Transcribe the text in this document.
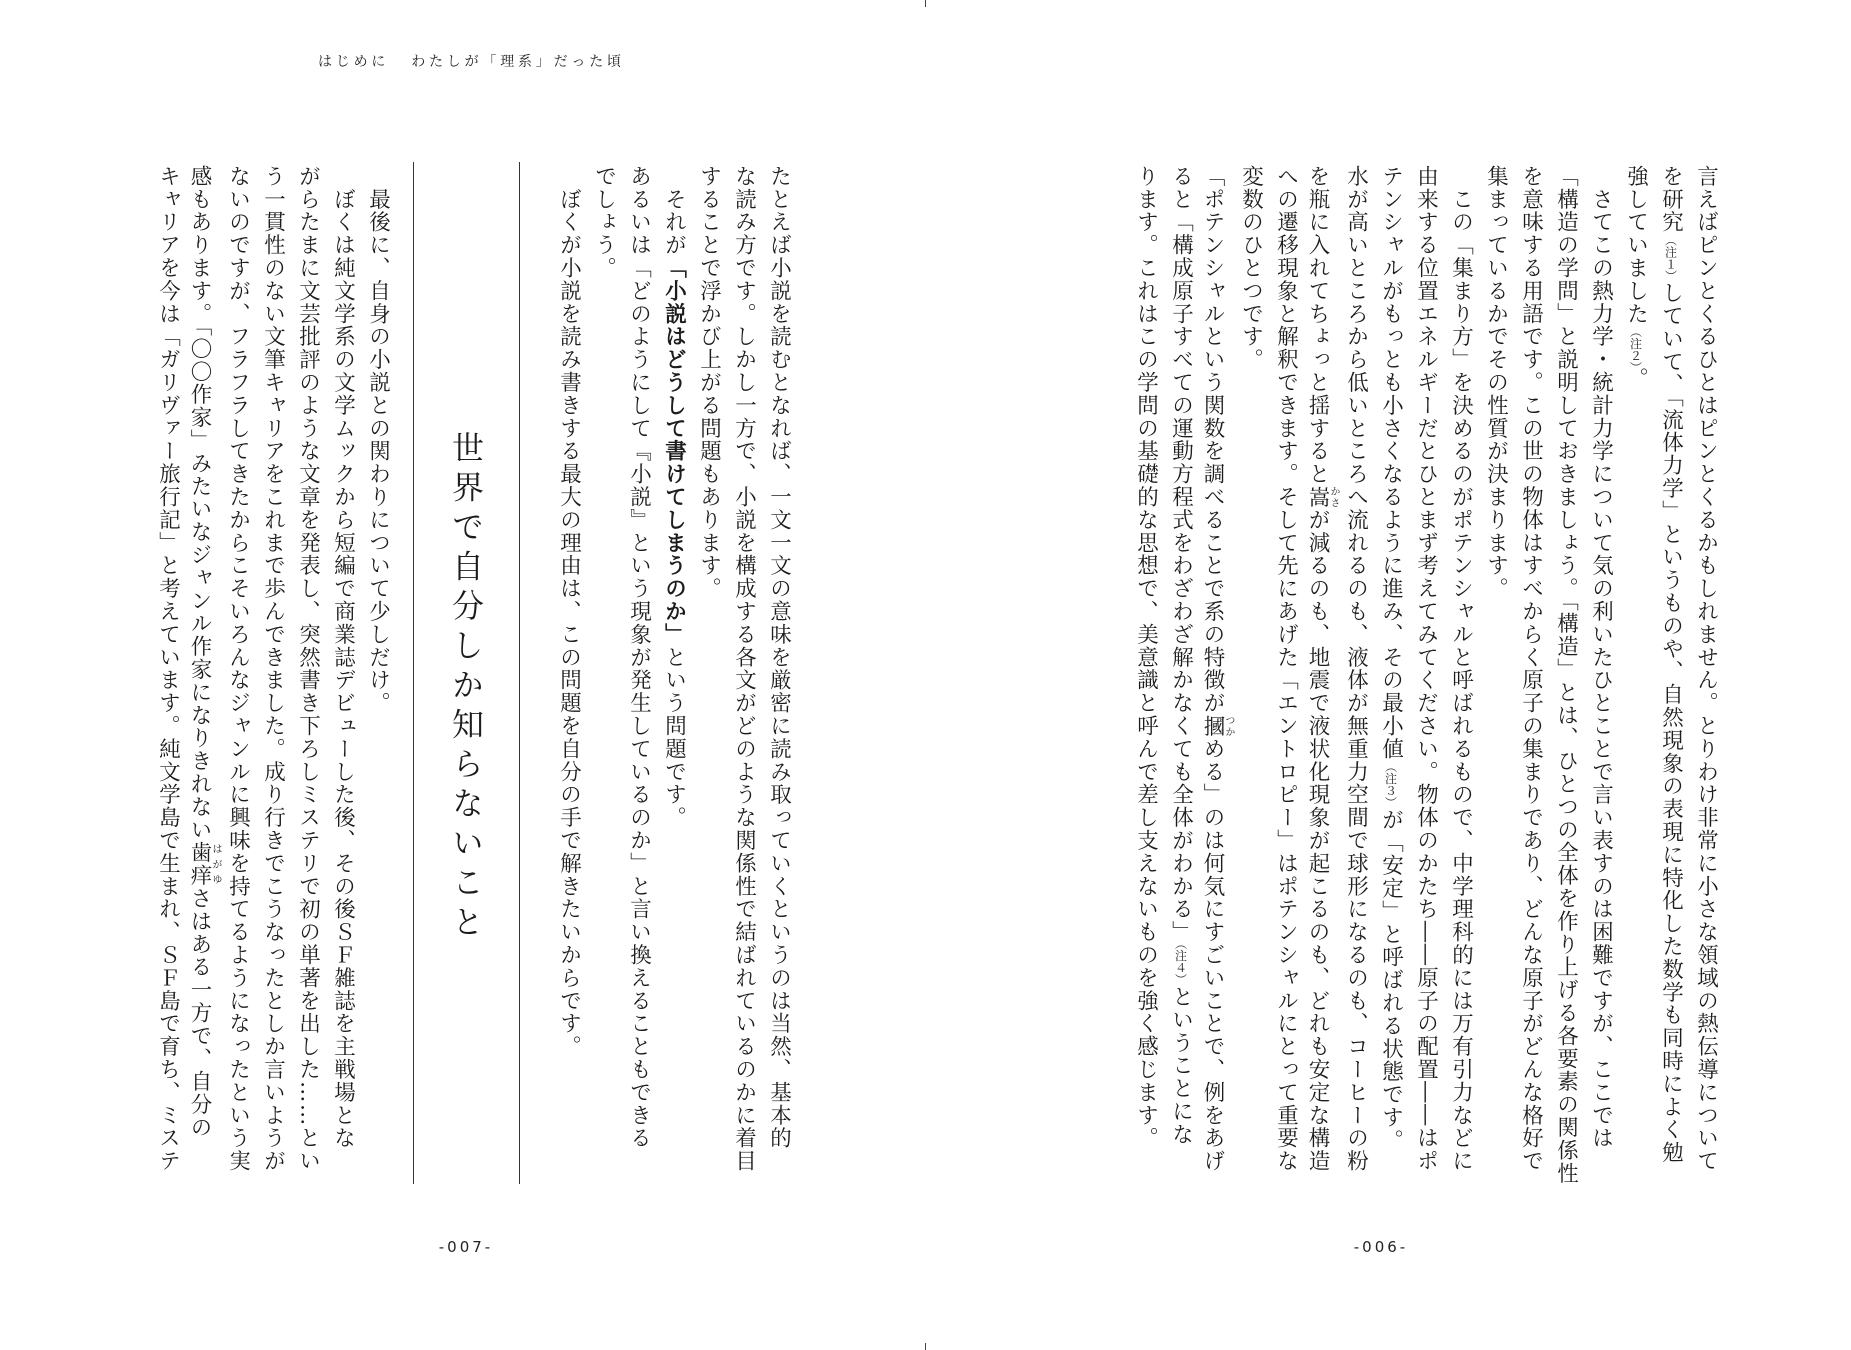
はじめに わたしが「理系」だった頃
言えばピンとくるひとはピンとくるかもしれません。とりわけ非常に小さな領域の熱伝導について
を研究（注１）していて、「流体力学」というものや、自然現象の表現に特化した数学も同時によく勉
強していました（注２）。
　さてこの熱力学・統計力学について気の利いたひとことで言い表すのは困難ですが、ここでは
「構造の学問」と説明しておきましょう。「構造」とは、ひとつの全体を作り上げる各要素の関係性
を意味する用語です。この世の物体はすべからく原子の集まりであり、どんな原子がどんな格好で
集まっているかでその性質が決まります。
　この「集まり方」を決めるのがポテンシャルと呼ばれるもので、中学理科的には万有引力などに
由来する位置エネルギーだとひとまず考えてみてください。物体のかたち――原子の配置――はポ
テンシャルがもっとも小さくなるように進み、その最小値（注３）が「安定」と呼ばれる状態です。
水が高いところから低いところへ流れるのも、液体が無重力空間で球形になるのも、コーヒーの粉
を瓶に入れてちょっと揺すると嵩かさが減るのも、地震で液状化現象が起こるのも、どれも安定な構造
への遷移現象と解釈できます。そして先にあげた「エントロピー」はポテンシャルにとって重要な
変数のひとつです。
「ポテンシャルという関数を調べることで系の特徴が摑つかめる」のは何気にすごいことで、例をあげ
ると「構成原子すべての運動方程式をわざわざ解かなくても全体がわかる」（注４）ということにな
ります。これはこの学問の基礎的な思想で、美意識と呼んで差し支えないものを強く感じます。
-006-
たとえば小説を読むとなれば、一文一文の意味を厳密に読み取っていくというのは当然、基本的
な読み方です。しかし一方で、小説を構成する各文がどのような関係性で結ばれているのかに着目
することで浮かび上がる問題もあります。
　それが「小説はどうして書けてしまうのか」という問題です。
あるいは「どのようにして『小説』という現象が発生しているのか」と言い換えることもできる
でしょう。
　ぼくが小説を読み書きする最大の理由は、この問題を自分の手で解きたいからです。
世界で自分しか知らないこと
　最後に、自身の小説との関わりについて少しだけ。
　ぼくは純文学系の文学ムックから短編で商業誌デビューした後、その後ＳＦ雑誌を主戦場とな
がらたまに文芸批評のような文章を発表し、突然書き下ろしミステリで初の単著を出した……とい
う一貫性のない文筆キャリアをこれまで歩んできました。成り行きでこうなったとしか言いようが
ないのですが、フラフラしてきたからこそいろんなジャンルに興味を持てるようになったという実
感もあります。「〇〇作家」みたいなジャンル作家になりきれない歯痒はがゆさはある一方で、自分の
キャリアを今は「ガリヴァー旅行記」と考えています。純文学島で生まれ、ＳＦ島で育ち、ミステ
-007-
